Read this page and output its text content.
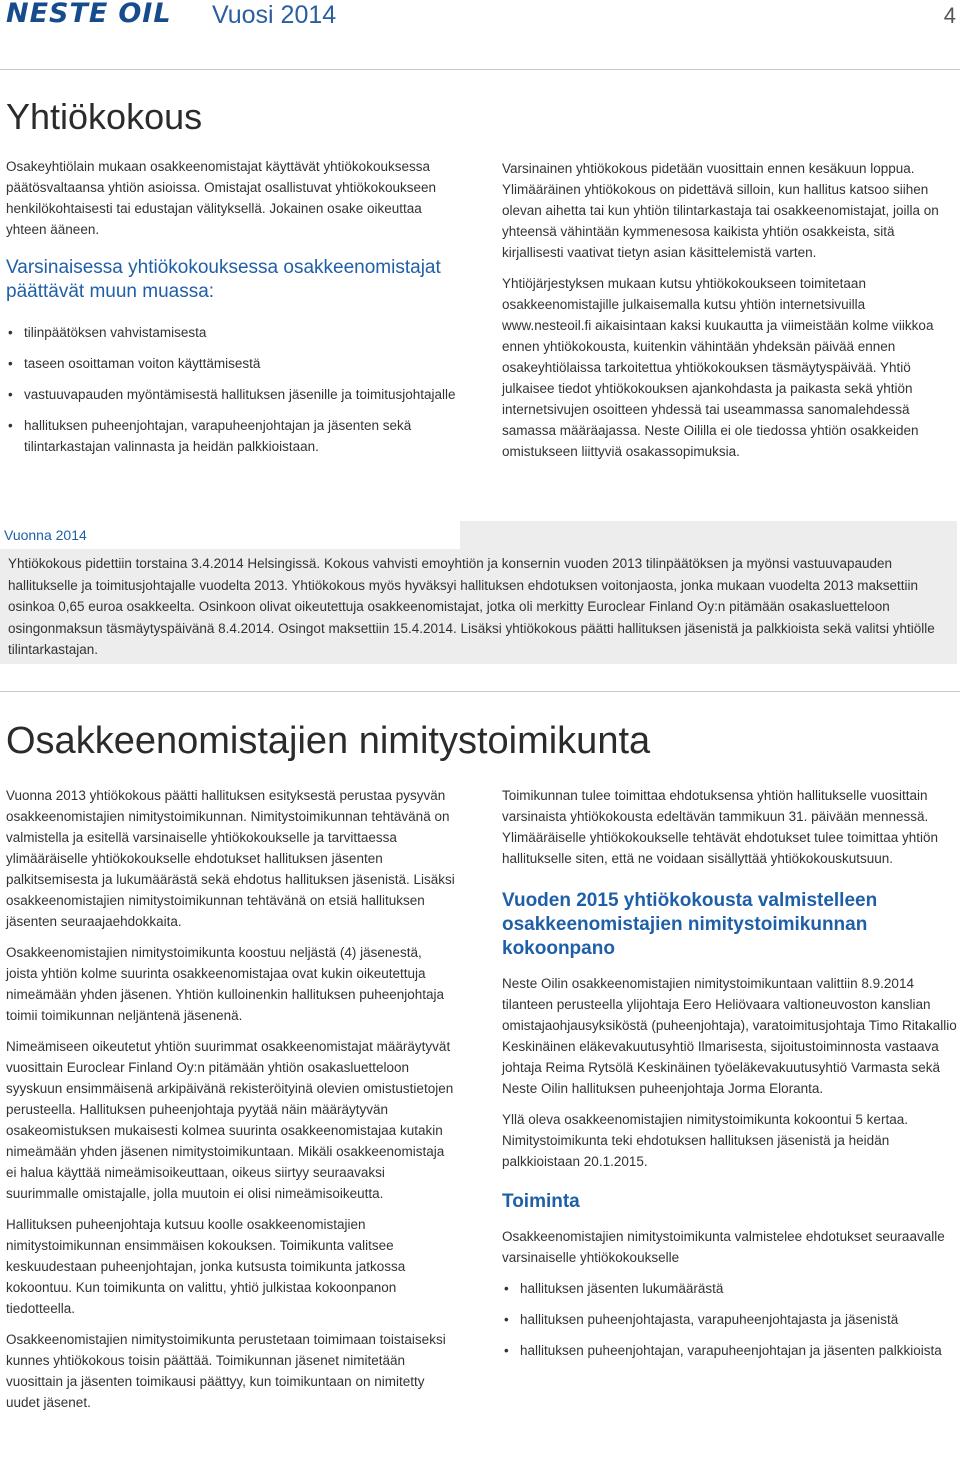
NESTE OIL Vuosi 2014	4
Yhtiökokous

Osakeyhtiölain mukaan osakkeenomistajat käyttävät yhtiökokouksessa päätösvaltaansa yhtiön asioissa. Omistajat osallistuvat yhtiökokoukseen henkilökohtaisesti tai edustajan välityksellä. Jokainen osake oikeuttaa yhteen ääneen.

Varsinaisessa yhtiökokouksessa osakkeenomistajat päättävät muun muassa:
• tilinpäätöksen vahvistamisesta
• taseen osoittaman voiton käyttämisestä
• vastuuvapauden myöntämisestä hallituksen jäsenille ja toimitusjohtajalle
• hallituksen puheenjohtajan, varapuheenjohtajan ja jäsenten sekä tilintarkastajan valinnasta ja heidän palkkioistaan.

Varsinainen yhtiökokous pidetään vuosittain ennen kesäkuun loppua. Ylimääräinen yhtiökokous on pidettävä silloin, kun hallitus katsoo siihen olevan aihetta tai kun yhtiön tilintarkastaja tai osakkeenomistajat, joilla on yhteensä vähintään kymmenesosa kaikista yhtiön osakkeista, sitä kirjallisesti vaativat tietyn asian käsittelemistä varten.

Yhtiöjärjestyksen mukaan kutsu yhtiökokoukseen toimitetaan osakkeenomistajille julkaisemalla kutsu yhtiön internetsivuilla www.nesteoil.fi aikaisintaan kaksi kuukautta ja viimeistään kolme viikkoa ennen yhtiökokousta, kuitenkin vähintään yhdeksän päivää ennen osakeyhtiölaissa tarkoitettua yhtiökokouksen täsmäytyspäivää. Yhtiö julkaisee tiedot yhtiökokouksen ajankohdasta ja paikasta sekä yhtiön internetsivujen osoitteen yhdessä tai useammassa sanomalehdessä samassa määräajassa. Neste Oililla ei ole tiedossa yhtiön osakkeiden omistukseen liittyviä osakassopimuksia.

Vuonna 2014
Yhtiökokous pidettiin torstaina 3.4.2014 Helsingissä. Kokous vahvisti emoyhtiön ja konsernin vuoden 2013 tilinpäätöksen ja myönsi vastuuvapauden hallitukselle ja toimitusjohtajalle vuodelta 2013. Yhtiökokous myös hyväksyi hallituksen ehdotuksen voitonjaosta, jonka mukaan vuodelta 2013 maksettiin osinkoa 0,65 euroa osakkeelta. Osinkoon olivat oikeutettuja osakkeenomistajat, jotka oli merkitty Euroclear Finland Oy:n pitämään osakasluetteloon osingonmaksun täsmäytyspäivänä 8.4.2014. Osingot maksettiin 15.4.2014. Lisäksi yhtiökokous päätti hallituksen jäsenistä ja palkkioista sekä valitsi yhtiölle tilintarkastajan.
Osakkeenomistajien nimitystoimikunta

Vuonna 2013 yhtiökokous päätti hallituksen esityksestä perustaa pysyvän osakkeenomistajien nimitystoimikunnan. Nimitystoimikunnan tehtävänä on valmistella ja esitellä varsinaiselle yhtiökokoukselle ja tarvittaessa ylimääräiselle yhtiökokoukselle ehdotukset hallituksen jäsenten palkitsemisesta ja lukumäärästä sekä ehdotus hallituksen jäsenistä. Lisäksi osakkeenomistajien nimitystoimikunnan tehtävänä on etsiä hallituksen jäsenten seuraajaehdokkaita.

Osakkeenomistajien nimitystoimikunta koostuu neljästä (4) jäsenestä, joista yhtiön kolme suurinta osakkeenomistajaa ovat kukin oikeutettuja nimeämään yhden jäsenen. Yhtiön kulloinenkin hallituksen puheenjohtaja toimii toimikunnan neljäntenä jäsenenä.

Nimeämiseen oikeutetut yhtiön suurimmat osakkeenomistajat määräytyvät vuosittain Euroclear Finland Oy:n pitämään yhtiön osakasluetteloon syyskuun ensimmäisenä arkipäivänä rekisteröityinä olevien omistustietojen perusteella. Hallituksen puheenjohtaja pyytää näin määräytyvän osakeomistuksen mukaisesti kolmea suurinta osakkeenomistajaa kutakin nimeämään yhden jäsenen nimitystoimikuntaan. Mikäli osakkeenomistaja ei halua käyttää nimeämisoikeuttaan, oikeus siirtyy seuraavaksi suurimmalle omistajalle, jolla muutoin ei olisi nimeämisoikeutta.

Hallituksen puheenjohtaja kutsuu koolle osakkeenomistajien nimitystoimikunnan ensimmäisen kokouksen. Toimikunta valitsee keskuudestaan puheenjohtajan, jonka kutsusta toimikunta jatkossa kokoontuu. Kun toimikunta on valittu, yhtiö julkistaa kokoonpanon tiedotteella.

Osakkeenomistajien nimitystoimikunta perustetaan toimimaan toistaiseksi kunnes yhtiökokous toisin päättää. Toimikunnan jäsenet nimitetään vuosittain ja jäsenten toimikausi päättyy, kun toimikuntaan on nimitetty uudet jäsenet.

Toimikunnan tulee toimittaa ehdotuksensa yhtiön hallitukselle vuosittain varsinaista yhtiökokousta edeltävän tammikuun 31. päivään mennessä. Ylimääräiselle yhtiökokoukselle tehtävät ehdotukset tulee toimittaa yhtiön hallitukselle siten, että ne voidaan sisällyttää yhtiökokouskutsuun.

Vuoden 2015 yhtiökokousta valmistelleen osakkeenomistajien nimitystoimikunnan kokoonpano

Neste Oilin osakkeenomistajien nimitystoimikuntaan valittiin 8.9.2014 tilanteen perusteella ylijohtaja Eero Heliövaara valtioneuvoston kanslian omistajaohjausyksiköstä (puheenjohtaja), varatoimitusjohtaja Timo Ritakallio Keskinäinen eläkevakuutusyhtiö Ilmarisesta, sijoitustoiminnosta vastaava johtaja Reima Rytsölä Keskinäinen työeläkevakuutusyhtiö Varmasta sekä Neste Oilin hallituksen puheenjohtaja Jorma Eloranta.

Yllä oleva osakkeenomistajien nimitystoimikunta kokoontui 5 kertaa. Nimitystoimikunta teki ehdotuksen hallituksen jäsenistä ja heidän palkkioistaan 20.1.2015.

Toiminta

Osakkeenomistajien nimitystoimikunta valmistelee ehdotukset seuraavalle varsinaiselle yhtiökokoukselle

• hallituksen jäsenten lukumäärästä
• hallituksen puheenjohtajasta, varapuheenjohtajasta ja jäsenistä
• hallituksen puheenjohtajan, varapuheenjohtajan ja jäsenten palkkioista
